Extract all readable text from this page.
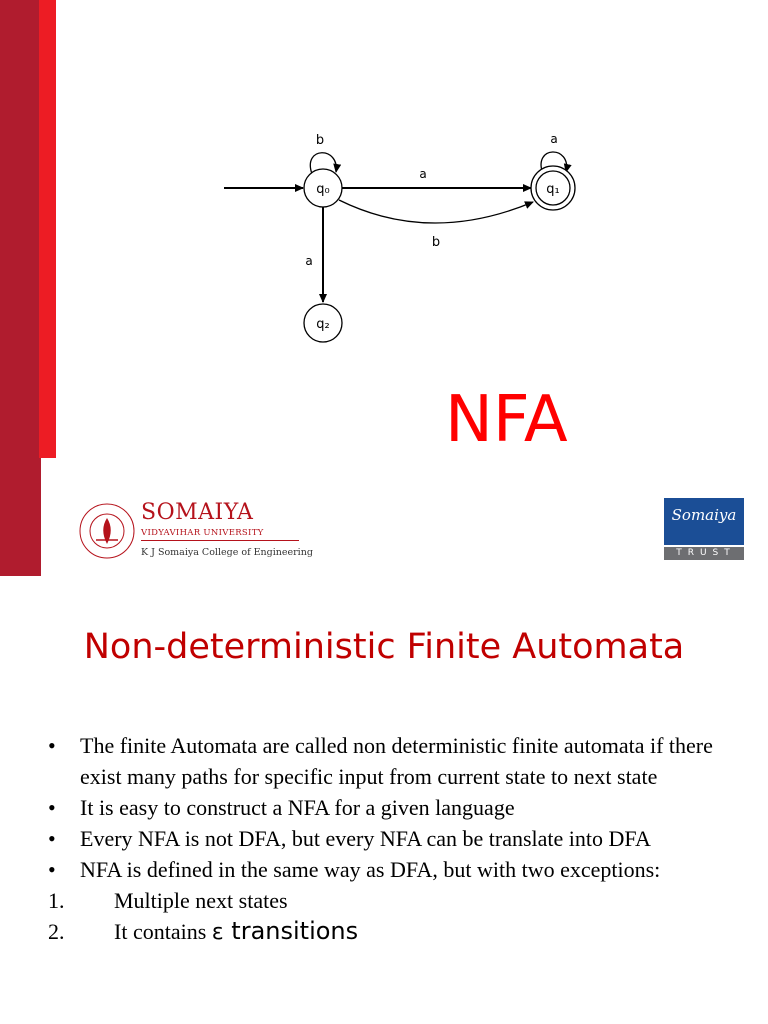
b
a
b
a
a
q₀	q₁
q₂
NFA
SOMAIYA
VIDYAVIHAR UNIVERSITY
K J Somaiya College of Engineering
Somaiya
TRUST
Non-deterministic Finite Automata
• The finite Automata are called non deterministic finite automata if there exist many paths for specific input from current state to next state
• It is easy to construct a NFA for a given language
• Every NFA is not DFA, but every NFA can be translate into DFA
• NFA is defined in the same way as DFA, but with two exceptions:
1. Multiple next states
2. It contains ε transitions
